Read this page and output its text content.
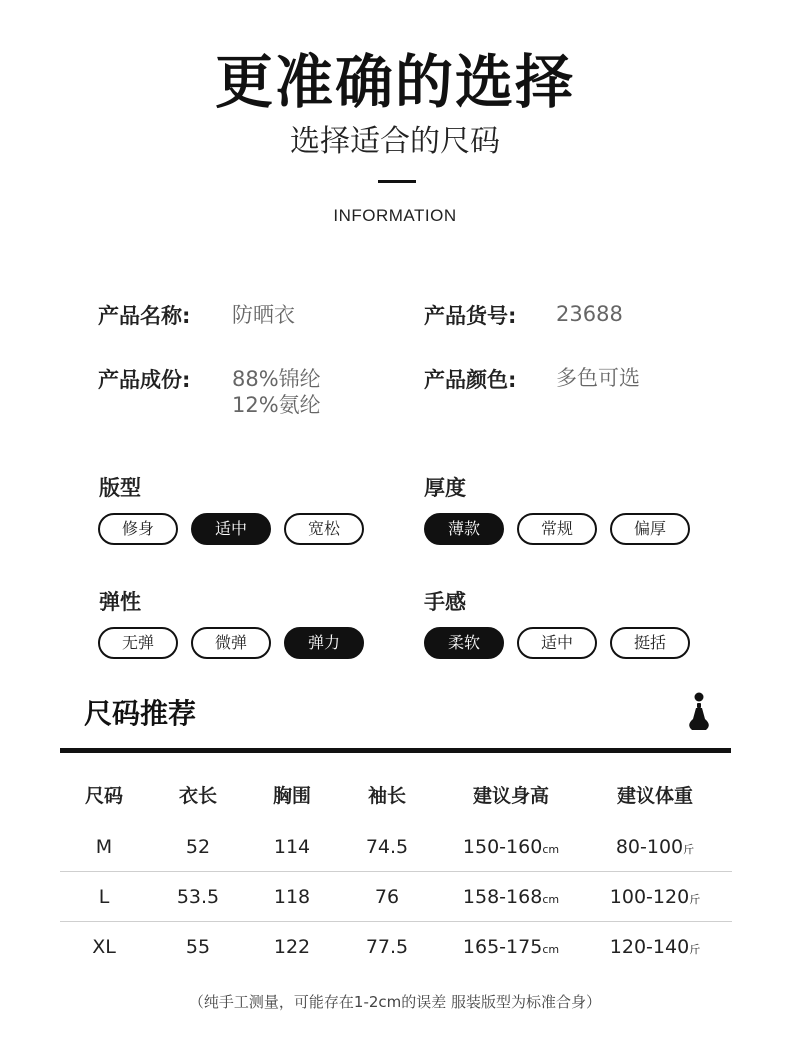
更准确的选择
选择适合的尺码
INFORMATION
产品名称: 防晒衣	产品货号: 23688
产品成份: 88%锦纶
12%氨纶
产品颜色: 多色可选
版型
修身	适中	宽松
厚度
薄款	常规	偏厚
弹性
无弹	微弹	弹力
手感
柔软	适中	挺括
尺码推荐
尺码	衣长	胸围	袖长	建议身高	建议体重
M	52	114	74.5	150-160cm	80-100斤
L	53.5	118	76	158-168cm	100-120斤
XL	55	122	77.5	165-175cm	120-140斤
（纯手工测量，可能存在1-2cm的误差 服装版型为标准合身）
